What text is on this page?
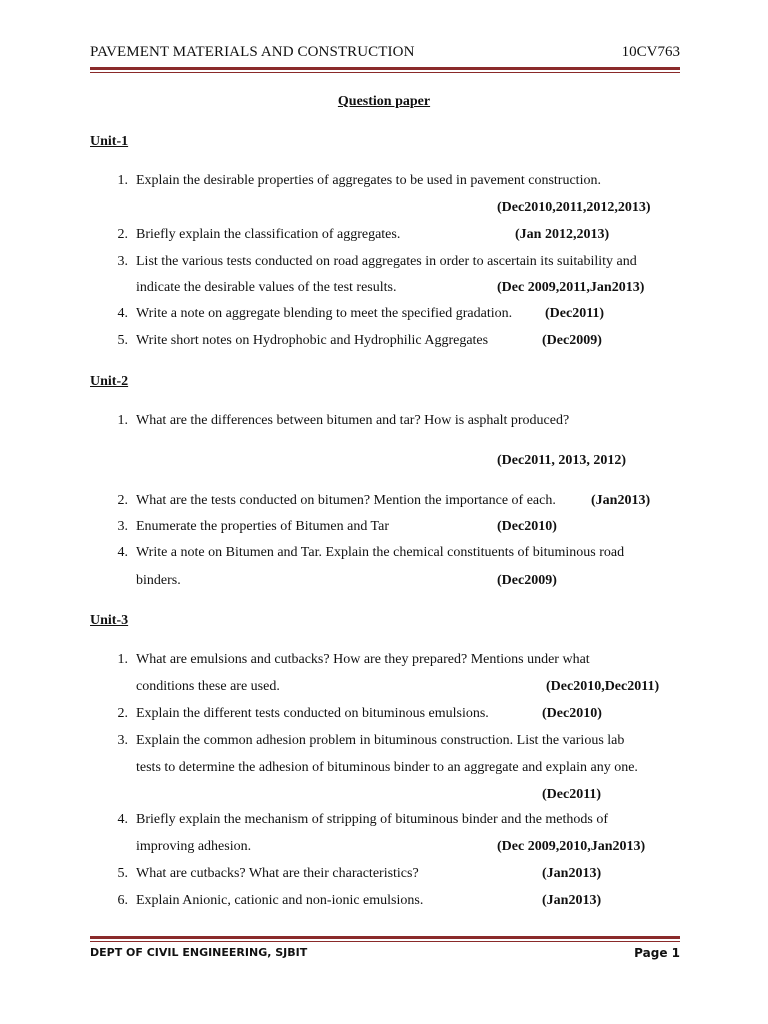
PAVEMENT MATERIALS AND CONSTRUCTION	10CV763
Question paper
Unit-1
1. Explain the desirable properties of aggregates to be used in pavement construction.
(Dec2010,2011,2012,2013)
2. Briefly explain the classification of aggregates.	(Jan 2012,2013)
3. List the various tests conducted on road aggregates in order to ascertain its suitability and
indicate the desirable values of the test results.	(Dec 2009,2011,Jan2013)
4. Write a note on aggregate blending to meet the specified gradation. (Dec2011)
5. Write short notes on Hydrophobic and Hydrophilic Aggregates	(Dec2009)
Unit-2
1. What are the differences between bitumen and tar? How is asphalt produced?
(Dec2011, 2013, 2012)
2. What are the tests conducted on bitumen? Mention the importance of each.	(Jan2013)
3. Enumerate the properties of Bitumen and Tar	(Dec2010)
4. Write a note on Bitumen and Tar. Explain the chemical constituents of bituminous road
binders.	(Dec2009)
Unit-3
1. What are emulsions and cutbacks? How are they prepared? Mentions under what
conditions these are used.	(Dec2010,Dec2011)
2. Explain the different tests conducted on bituminous emulsions.	(Dec2010)
3. Explain the common adhesion problem in bituminous construction. List the various lab
tests to determine the adhesion of bituminous binder to an aggregate and explain any one.
(Dec2011)
4. Briefly explain the mechanism of stripping of bituminous binder and the methods of
improving adhesion.	(Dec 2009,2010,Jan2013)
5. What are cutbacks? What are their characteristics?	(Jan2013)
6. Explain Anionic, cationic and non-ionic emulsions.	(Jan2013)
DEPT OF CIVIL ENGINEERING, SJBIT	Page 1
